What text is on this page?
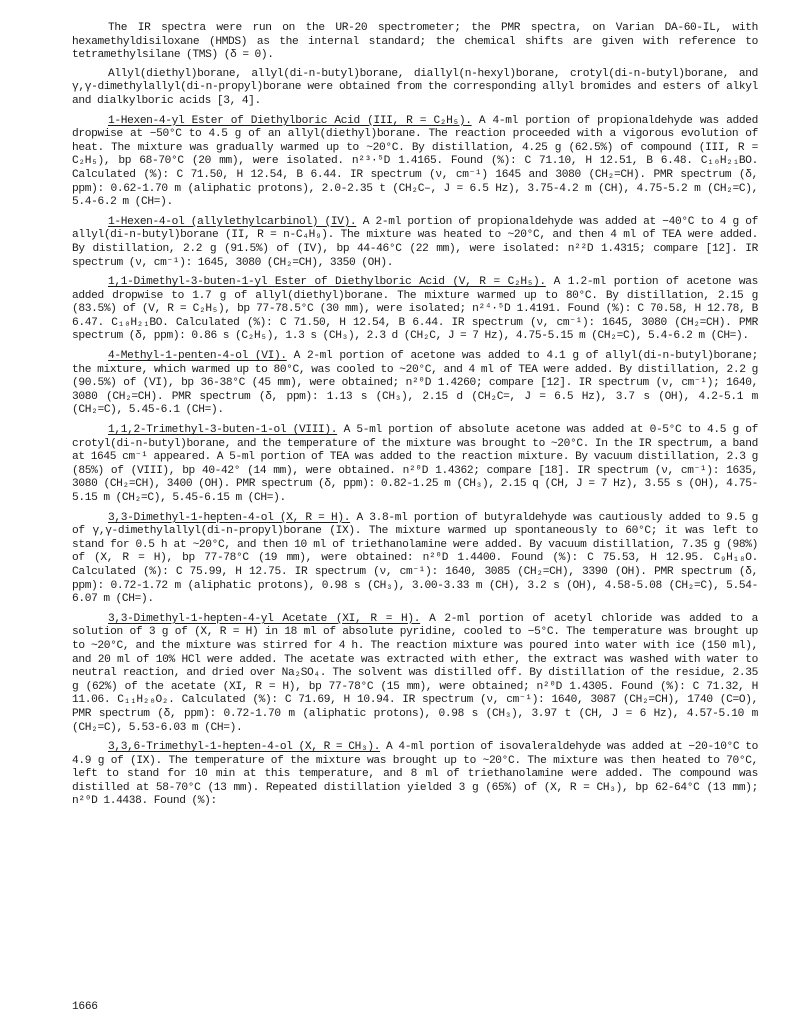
The IR spectra were run on the UR-20 spectrometer; the PMR spectra, on Varian DA-60-IL, with hexamethyldisiloxane (HMDS) as the internal standard; the chemical shifts are given with reference to tetramethylsilane (TMS) (δ = 0).

Allyl(diethyl)borane, allyl(di-n-butyl)borane, diallyl(n-hexyl)borane, crotyl(di-n-butyl)borane, and γ,γ-dimethylallyl(di-n-propyl)borane were obtained from the corresponding allyl bromides and esters of alkyl and dialkylboric acids [3, 4].

1-Hexen-4-yl Ester of Diethylboric Acid (III, R = C₂H₅). A 4-ml portion of propionaldehyde was added dropwise at −50°C to 4.5 g of an allyl(diethyl)borane. The reaction proceeded with a vigorous evolution of heat. The mixture was gradually warmed up to ~20°C. By distillation, 4.25 g (62.5%) of compound (III, R = C₂H₅), bp 68-70°C (20 mm), were isolated. n²³·⁵D 1.4165. Found (%): C 71.10, H 12.51, B 6.48. C₁₀H₂₁BO. Calculated (%): C 71.50, H 12.54, B 6.44. IR spectrum (ν, cm⁻¹) 1645 and 3080 (CH₂=CH). PMR spectrum (δ, ppm): 0.62-1.70 m (aliphatic protons), 2.0-2.35 t (CH₂C–, J = 6.5 Hz), 3.75-4.2 m (CH), 4.75-5.2 m (CH₂=C), 5.4-6.2 m (CH=).

1-Hexen-4-ol (allylethylcarbinol) (IV). A 2-ml portion of propionaldehyde was added at −40°C to 4 g of allyl(di-n-butyl)borane (II, R = n-C₄H₉). The mixture was heated to ~20°C, and then 4 ml of TEA were added. By distillation, 2.2 g (91.5%) of (IV), bp 44-46°C (22 mm), were isolated: n²²D 1.4315; compare [12]. IR spectrum (ν, cm⁻¹): 1645, 3080 (CH₂=CH), 3350 (OH).

1,1-Dimethyl-3-buten-1-yl Ester of Diethylboric Acid (V, R = C₂H₅). A 1.2-ml portion of acetone was added dropwise to 1.7 g of allyl(diethyl)borane. The mixture warmed up to 80°C. By distillation, 2.15 g (83.5%) of (V, R = C₂H₅), bp 77-78.5°C (30 mm), were isolated; n²⁴·⁵D 1.4191. Found (%): C 70.58, H 12.78, B 6.47. C₁₀H₂₁BO. Calculated (%): C 71.50, H 12.54, B 6.44. IR spectrum (ν, cm⁻¹): 1645, 3080 (CH₂=CH). PMR spectrum (δ, ppm): 0.86 s (C₂H₅), 1.3 s (CH₃), 2.3 d (CH₂C, J = 7 Hz), 4.75-5.15 m (CH₂=C), 5.4-6.2 m (CH=).

4-Methyl-1-penten-4-ol (VI). A 2-ml portion of acetone was added to 4.1 g of allyl(di-n-butyl)borane; the mixture, which warmed up to 80°C, was cooled to ~20°C, and 4 ml of TEA were added. By distillation, 2.2 g (90.5%) of (VI), bp 36-38°C (45 mm), were obtained; n²⁰D 1.4260; compare [12]. IR spectrum (ν, cm⁻¹); 1640, 3080 (CH₂=CH). PMR spectrum (δ, ppm): 1.13 s (CH₃), 2.15 d (CH₂C=, J = 6.5 Hz), 3.7 s (OH), 4.2-5.1 m (CH₂=C), 5.45-6.1 (CH=).

1,1,2-Trimethyl-3-buten-1-ol (VIII). A 5-ml portion of absolute acetone was added at 0-5°C to 4.5 g of crotyl(di-n-butyl)borane, and the temperature of the mixture was brought to ~20°C. In the IR spectrum, a band at 1645 cm⁻¹ appeared. A 5-ml portion of TEA was added to the reaction mixture. By vacuum distillation, 2.3 g (85%) of (VIII), bp 40-42° (14 mm), were obtained. n²⁰D 1.4362; compare [18]. IR spectrum (ν, cm⁻¹): 1635, 3080 (CH₂=CH), 3400 (OH). PMR spectrum (δ, ppm): 0.82-1.25 m (CH₃), 2.15 q (CH, J = 7 Hz), 3.55 s (OH), 4.75-5.15 m (CH₂=C), 5.45-6.15 m (CH=).

3,3-Dimethyl-1-hepten-4-ol (X, R = H). A 3.8-ml portion of butyraldehyde was cautiously added to 9.5 g of γ,γ-dimethylallyl(di-n-propyl)borane (IX). The mixture warmed up spontaneously to 60°C; it was left to stand for 0.5 h at ~20°C, and then 10 ml of triethanolamine were added. By vacuum distillation, 7.35 g (98%) of (X, R = H), bp 77-78°C (19 mm), were obtained: n²⁰D 1.4400. Found (%): C 75.53, H 12.95. C₉H₁₈O. Calculated (%): C 75.99, H 12.75. IR spectrum (ν, cm⁻¹): 1640, 3085 (CH₂=CH), 3390 (OH). PMR spectrum (δ, ppm): 0.72-1.72 m (aliphatic protons), 0.98 s (CH₃), 3.00-3.33 m (CH), 3.2 s (OH), 4.58-5.08 (CH₂=C), 5.54-6.07 m (CH=).

3,3-Dimethyl-1-hepten-4-yl Acetate (XI, R = H). A 2-ml portion of acetyl chloride was added to a solution of 3 g of (X, R = H) in 18 ml of absolute pyridine, cooled to −5°C. The temperature was brought up to ~20°C, and the mixture was stirred for 4 h. The reaction mixture was poured into water with ice (150 ml), and 20 ml of 10% HCl were added. The acetate was extracted with ether, the extract was washed with water to neutral reaction, and dried over Na₂SO₄. The solvent was distilled off. By distillation of the residue, 2.35 g (62%) of the acetate (XI, R = H), bp 77-78°C (15 mm), were obtained; n²⁰D 1.4305. Found (%): C 71.32, H 11.06. C₁₁H₂₀O₂. Calculated (%): C 71.69, H 10.94. IR spectrum (ν, cm⁻¹): 1640, 3087 (CH₂=CH), 1740 (C=O), PMR spectrum (δ, ppm): 0.72-1.70 m (aliphatic protons), 0.98 s (CH₃), 3.97 t (CH, J = 6 Hz), 4.57-5.10 m (CH₂=C), 5.53-6.03 m (CH=).

3,3,6-Trimethyl-1-hepten-4-ol (X, R = CH₃). A 4-ml portion of isovaleraldehyde was added at −20-10°C to 4.9 g of (IX). The temperature of the mixture was brought up to ~20°C. The mixture was then heated to 70°C, left to stand for 10 min at this temperature, and 8 ml of triethanolamine were added. The compound was distilled at 58-70°C (13 mm). Repeated distillation yielded 3 g (65%) of (X, R = CH₃), bp 62-64°C (13 mm); n²⁰D 1.4438. Found (%):

1666
